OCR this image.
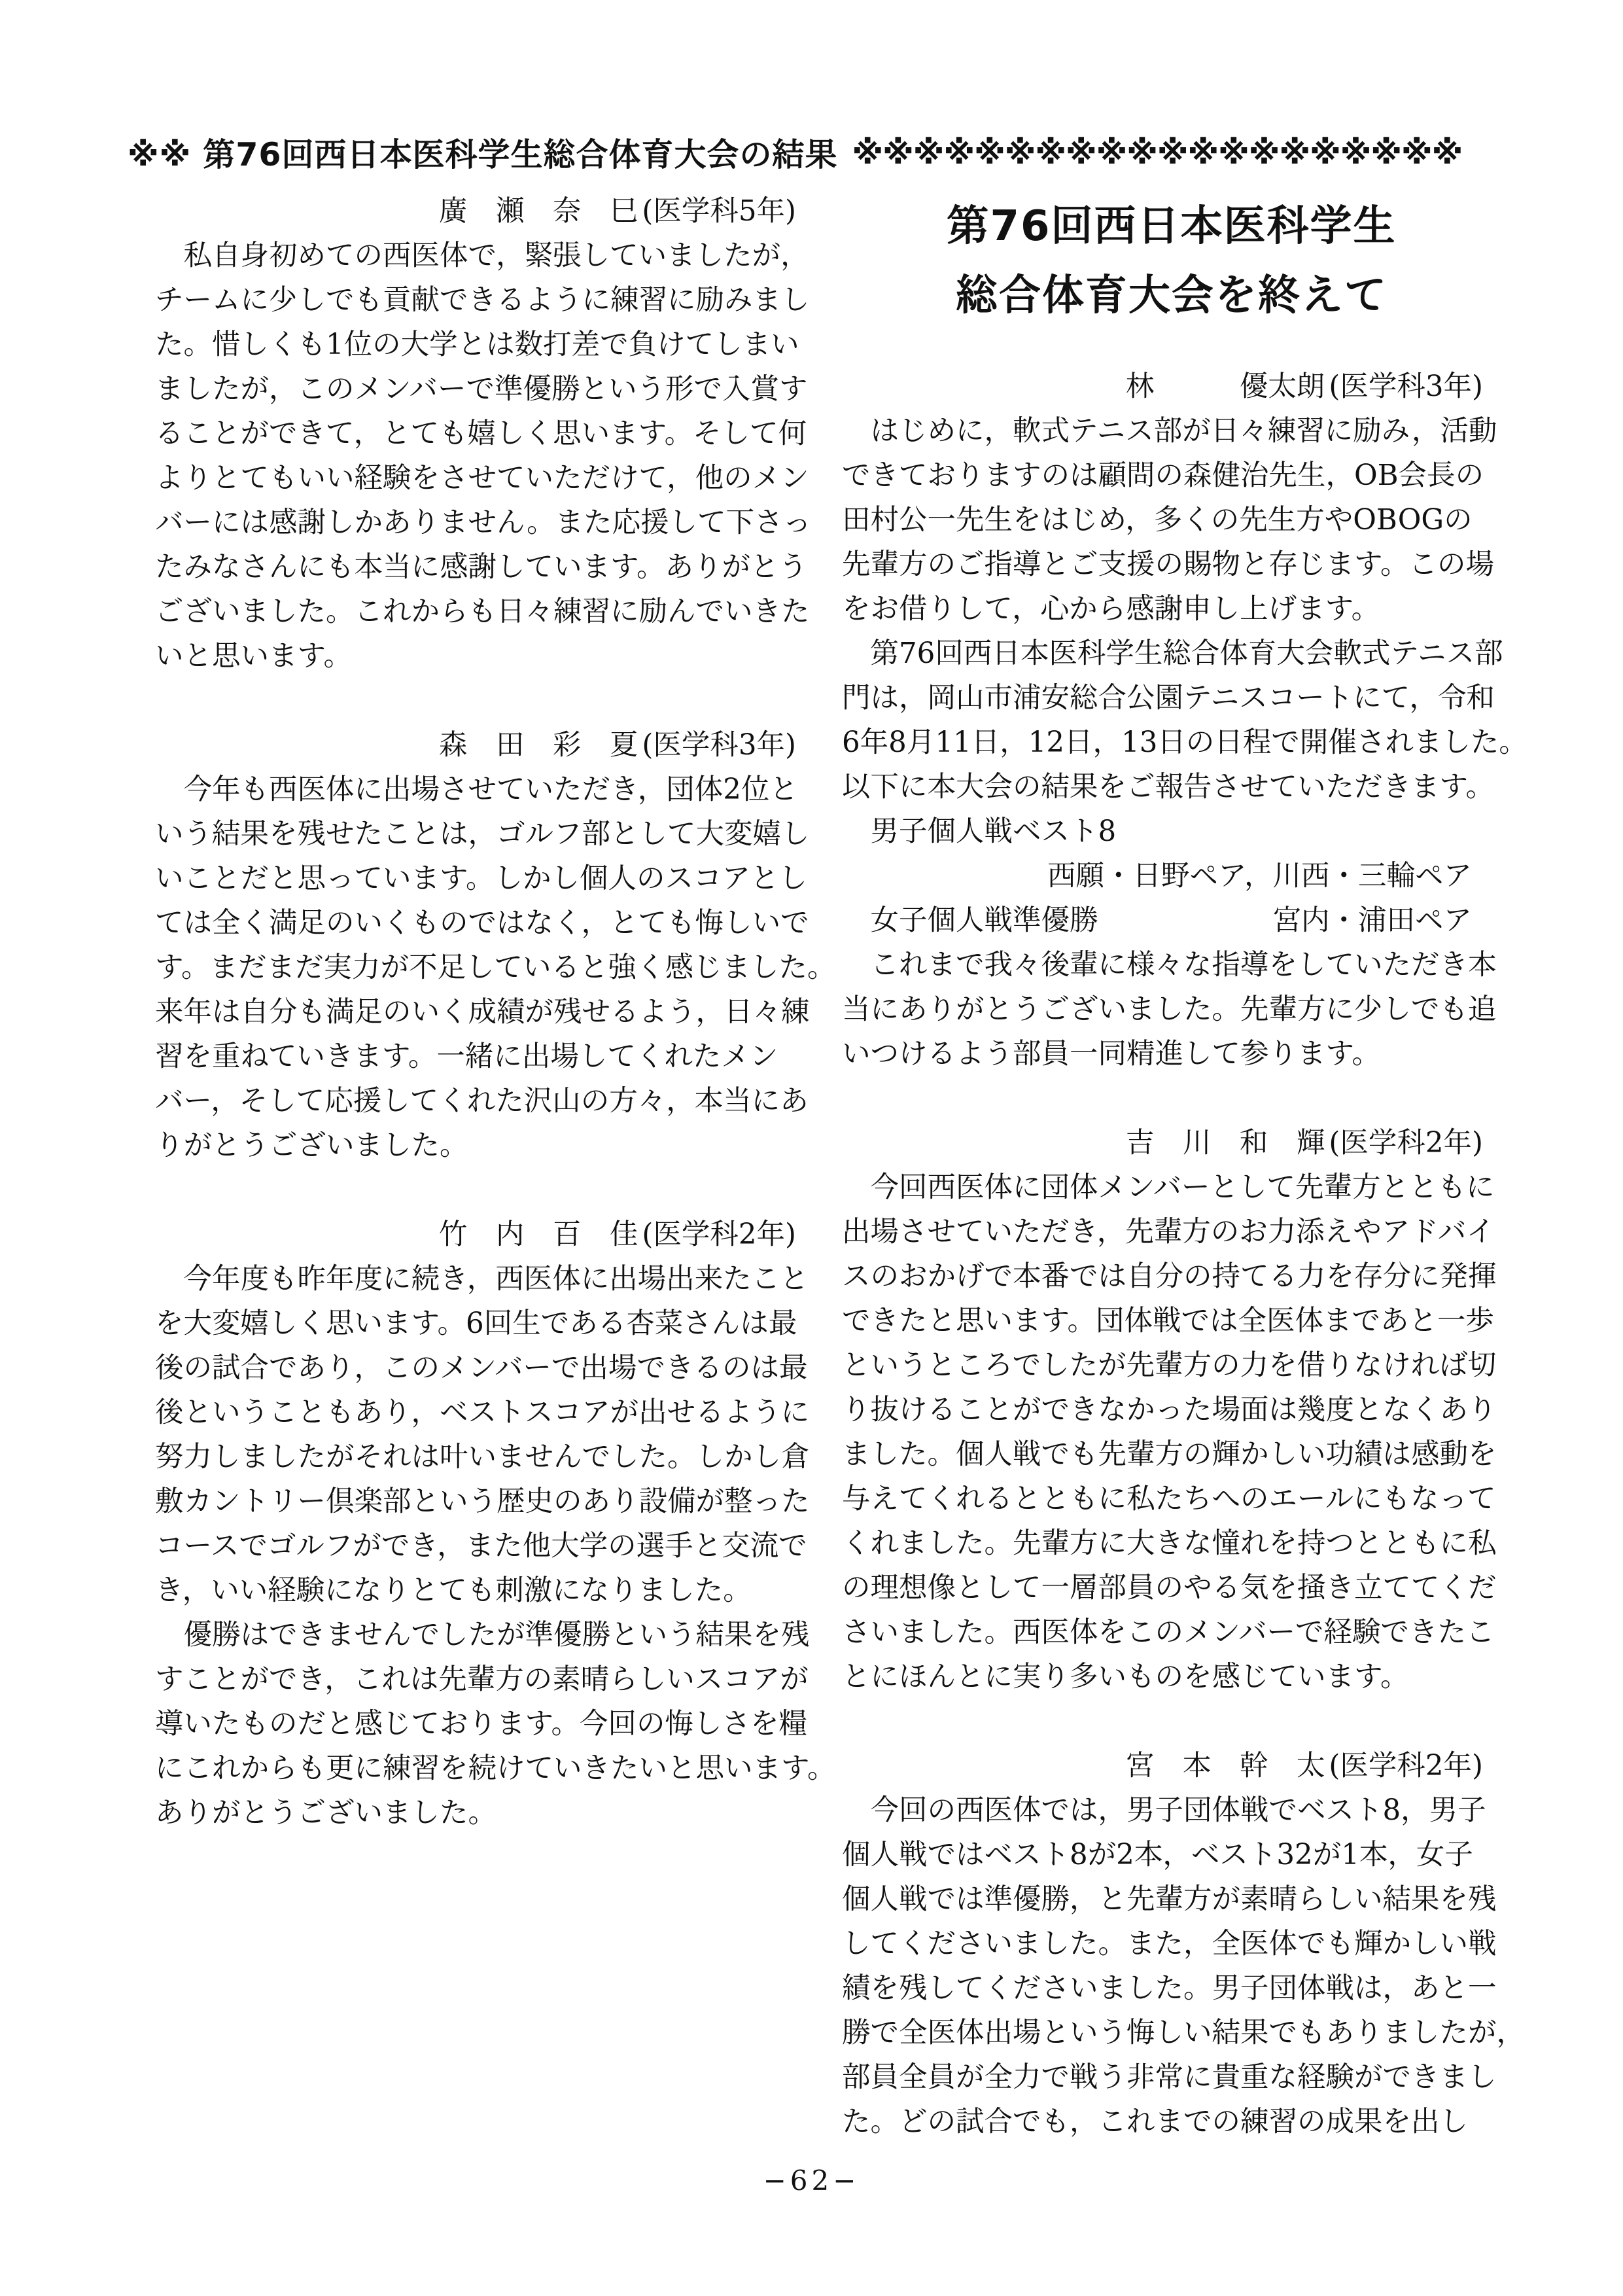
※※ 第76回西日本医科学生総合体育大会の結果 ※※※※※※※※※※※※※※※※※※※※
第76回西日本医科学生
総合体育大会を終えて
廣　瀬　奈　巳 (医学科5年)
　私自身初めての西医体で，緊張していましたが，
チームに少しでも貢献できるように練習に励みまし
た。惜しくも1位の大学とは数打差で負けてしまい
ましたが，このメンバーで準優勝という形で入賞す
ることができて，とても嬉しく思います。そして何
よりとてもいい経験をさせていただけて，他のメン
バーには感謝しかありません。また応援して下さっ
たみなさんにも本当に感謝しています。ありがとう
ございました。これからも日々練習に励んでいきた
いと思います。
森　田　彩　夏 (医学科3年)
　今年も西医体に出場させていただき，団体2位と
いう結果を残せたことは，ゴルフ部として大変嬉し
いことだと思っています。しかし個人のスコアとし
ては全く満足のいくものではなく，とても悔しいで
す。まだまだ実力が不足していると強く感じました。
来年は自分も満足のいく成績が残せるよう，日々練
習を重ねていきます。一緒に出場してくれたメン
バー，そして応援してくれた沢山の方々，本当にあ
りがとうございました。
竹　内　百　佳 (医学科2年)
　今年度も昨年度に続き，西医体に出場出来たこと
を大変嬉しく思います。6回生である杏菜さんは最
後の試合であり，このメンバーで出場できるのは最
後ということもあり，ベストスコアが出せるように
努力しましたがそれは叶いませんでした。しかし倉
敷カントリー倶楽部という歴史のあり設備が整った
コースでゴルフができ，また他大学の選手と交流で
き，いい経験になりとても刺激になりました。
　優勝はできませんでしたが準優勝という結果を残
すことができ，これは先輩方の素晴らしいスコアが
導いたものだと感じております。今回の悔しさを糧
にこれからも更に練習を続けていきたいと思います。
ありがとうございました。
林　　　優太朗 (医学科3年)
　はじめに，軟式テニス部が日々練習に励み，活動
できておりますのは顧問の森健治先生，OB会長の
田村公一先生をはじめ，多くの先生方やOBOGの
先輩方のご指導とご支援の賜物と存じます。この場
をお借りして，心から感謝申し上げます。
　第76回西日本医科学生総合体育大会軟式テニス部
門は，岡山市浦安総合公園テニスコートにて，令和
6年8月11日，12日，13日の日程で開催されました。
以下に本大会の結果をご報告させていただきます。
　男子個人戦ベスト8
西願・日野ペア，川西・三輪ペア
　女子個人戦準優勝	宮内・浦田ペア
　これまで我々後輩に様々な指導をしていただき本
当にありがとうございました。先輩方に少しでも追
いつけるよう部員一同精進して参ります。
吉　川　和　輝 (医学科2年)
　今回西医体に団体メンバーとして先輩方とともに
出場させていただき，先輩方のお力添えやアドバイ
スのおかげで本番では自分の持てる力を存分に発揮
できたと思います。団体戦では全医体まであと一歩
というところでしたが先輩方の力を借りなければ切
り抜けることができなかった場面は幾度となくあり
ました。個人戦でも先輩方の輝かしい功績は感動を
与えてくれるとともに私たちへのエールにもなって
くれました。先輩方に大きな憧れを持つとともに私
の理想像として一層部員のやる気を掻き立ててくだ
さいました。西医体をこのメンバーで経験できたこ
とにほんとに実り多いものを感じています。
宮　本　幹　太 (医学科2年)
　今回の西医体では，男子団体戦でベスト8，男子
個人戦ではベスト8が2本，ベスト32が1本，女子
個人戦では準優勝，と先輩方が素晴らしい結果を残
してくださいました。また，全医体でも輝かしい戦
績を残してくださいました。男子団体戦は，あと一
勝で全医体出場という悔しい結果でもありましたが，
部員全員が全力で戦う非常に貴重な経験ができまし
た。どの試合でも，これまでの練習の成果を出し
−62−
